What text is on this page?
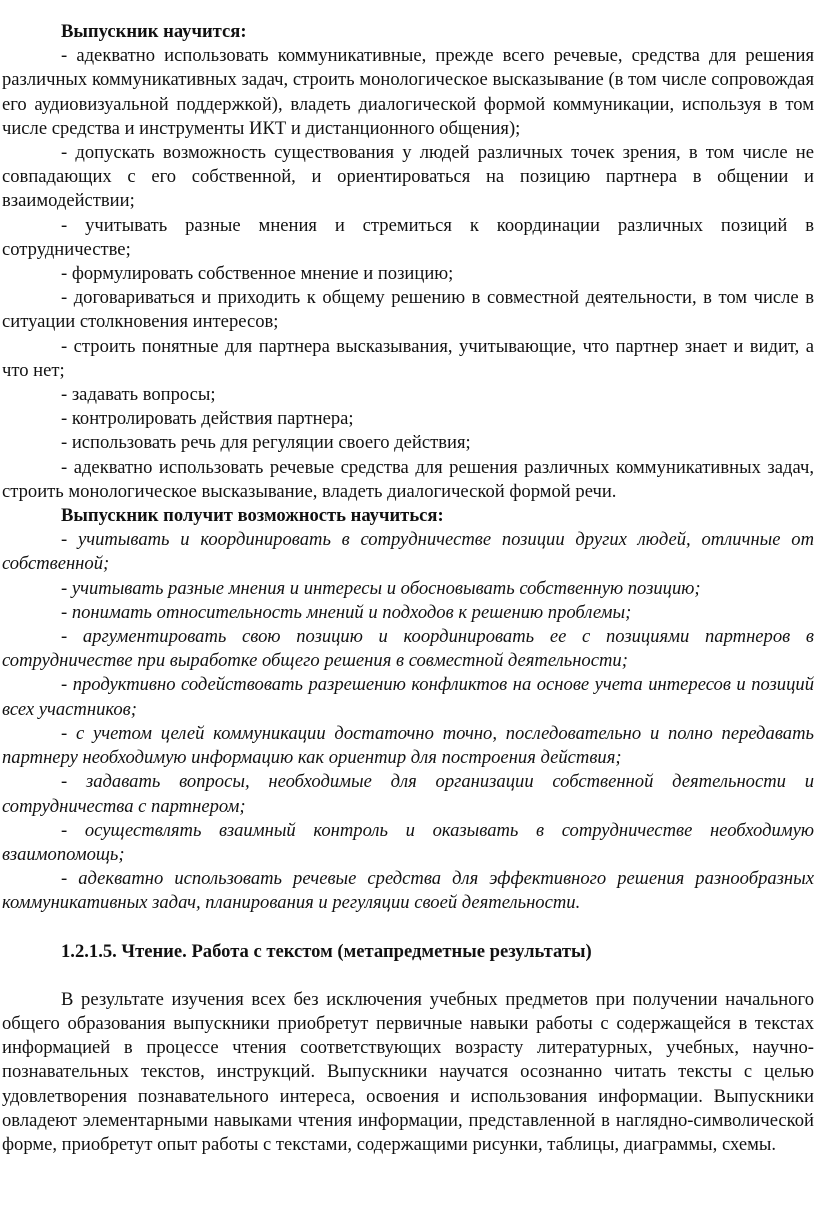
Выпускник научится:

- адекватно использовать коммуникативные, прежде всего речевые, средства для решения различных коммуникативных задач, строить монологическое высказывание (в том числе сопровождая его аудиовизуальной поддержкой), владеть диалогической формой коммуникации, используя в том числе средства и инструменты ИКТ и дистанционного общения);

- допускать возможность существования у людей различных точек зрения, в том числе не совпадающих с его собственной, и ориентироваться на позицию партнера в общении и взаимодействии;

- учитывать разные мнения и стремиться к координации различных позиций в сотрудничестве;

- формулировать собственное мнение и позицию;

- договариваться и приходить к общему решению в совместной деятельности, в том числе в ситуации столкновения интересов;

- строить понятные для партнера высказывания, учитывающие, что партнер знает и видит, а что нет;

- задавать вопросы;

- контролировать действия партнера;

- использовать речь для регуляции своего действия;

- адекватно использовать речевые средства для решения различных коммуникативных задач, строить монологическое высказывание, владеть диалогической формой речи.

Выпускник получит возможность научиться:

- учитывать и координировать в сотрудничестве позиции других людей, отличные от собственной;

- учитывать разные мнения и интересы и обосновывать собственную позицию;

- понимать относительность мнений и подходов к решению проблемы;

- аргументировать свою позицию и координировать ее с позициями партнеров в сотрудничестве при выработке общего решения в совместной деятельности;

- продуктивно содействовать разрешению конфликтов на основе учета интересов и позиций всех участников;

- с учетом целей коммуникации достаточно точно, последовательно и полно передавать партнеру необходимую информацию как ориентир для построения действия;

- задавать вопросы, необходимые для организации собственной деятельности и сотрудничества с партнером;

- осуществлять взаимный контроль и оказывать в сотрудничестве необходимую взаимопомощь;

- адекватно использовать речевые средства для эффективного решения разнообразных коммуникативных задач, планирования и регуляции своей деятельности.

1.2.1.5. Чтение. Работа с текстом (метапредметные результаты)

В результате изучения всех без исключения учебных предметов при получении начального общего образования выпускники приобретут первичные навыки работы с содержащейся в текстах информацией в процессе чтения соответствующих возрасту литературных, учебных, научно-познавательных текстов, инструкций. Выпускники научатся осознанно читать тексты с целью удовлетворения познавательного интереса, освоения и использования информации. Выпускники овладеют элементарными навыками чтения информации, представленной в наглядно-символической форме, приобретут опыт работы с текстами, содержащими рисунки, таблицы, диаграммы, схемы.
